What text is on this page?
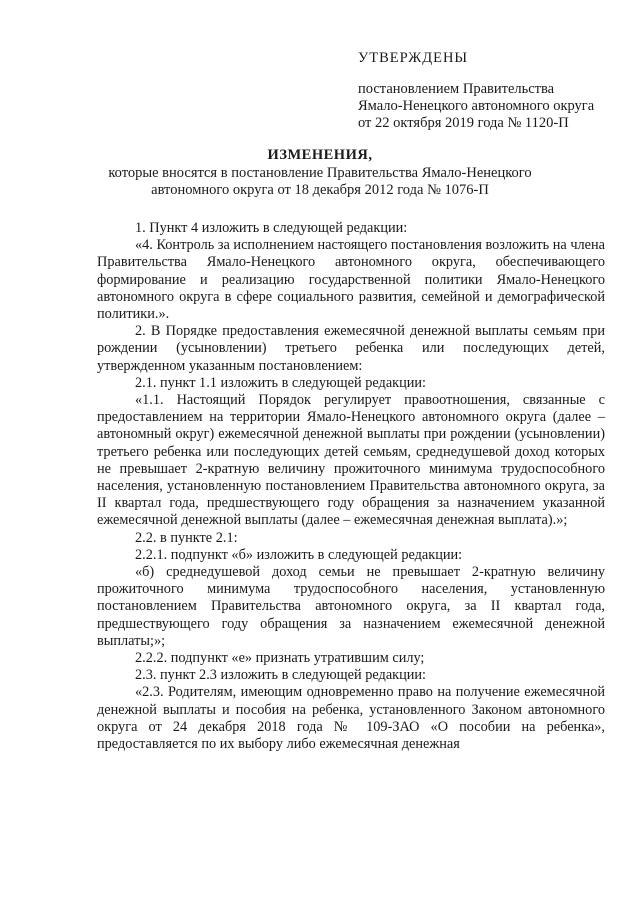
УТВЕРЖДЕНЫ
постановлением Правительства
Ямало-Ненецкого автономного округа
от 22 октября 2019 года № 1120-П
ИЗМЕНЕНИЯ,
которые вносятся в постановление Правительства Ямало-Ненецкого автономного округа от 18 декабря 2012 года № 1076-П

1. Пункт 4 изложить в следующей редакции:

«4. Контроль за исполнением настоящего постановления возложить на члена Правительства Ямало-Ненецкого автономного округа, обеспечивающего формирование и реализацию государственной политики Ямало-Ненецкого автономного округа в сфере социального развития, семейной и демографической политики.».

2. В Порядке предоставления ежемесячной денежной выплаты семьям при рождении (усыновлении) третьего ребенка или последующих детей, утвержденном указанным постановлением:

2.1. пункт 1.1 изложить в следующей редакции:

«1.1. Настоящий Порядок регулирует правоотношения, связанные с предоставлением на территории Ямало-Ненецкого автономного округа (далее – автономный округ) ежемесячной денежной выплаты при рождении (усыновлении) третьего ребенка или последующих детей семьям, среднедушевой доход которых не превышает 2-кратную величину прожиточного минимума трудоспособного населения, установленную постановлением Правительства автономного округа, за II квартал года, предшествующего году обращения за назначением указанной ежемесячной денежной выплаты (далее – ежемесячная денежная выплата).»;

2.2. в пункте 2.1:

2.2.1. подпункт «б» изложить в следующей редакции:

«б) среднедушевой доход семьи не превышает 2-кратную величину прожиточного минимума трудоспособного населения, установленную постановлением Правительства автономного округа, за II квартал года, предшествующего году обращения за назначением ежемесячной денежной выплаты;»;

2.2.2. подпункт «е» признать утратившим силу;

2.3. пункт 2.3 изложить в следующей редакции:

«2.3. Родителям, имеющим одновременно право на получение ежемесячной денежной выплаты и пособия на ребенка, установленного Законом автономного округа от 24 декабря 2018 года № 109-ЗАО «О пособии на ребенка», предоставляется по их выбору либо ежемесячная денежная
